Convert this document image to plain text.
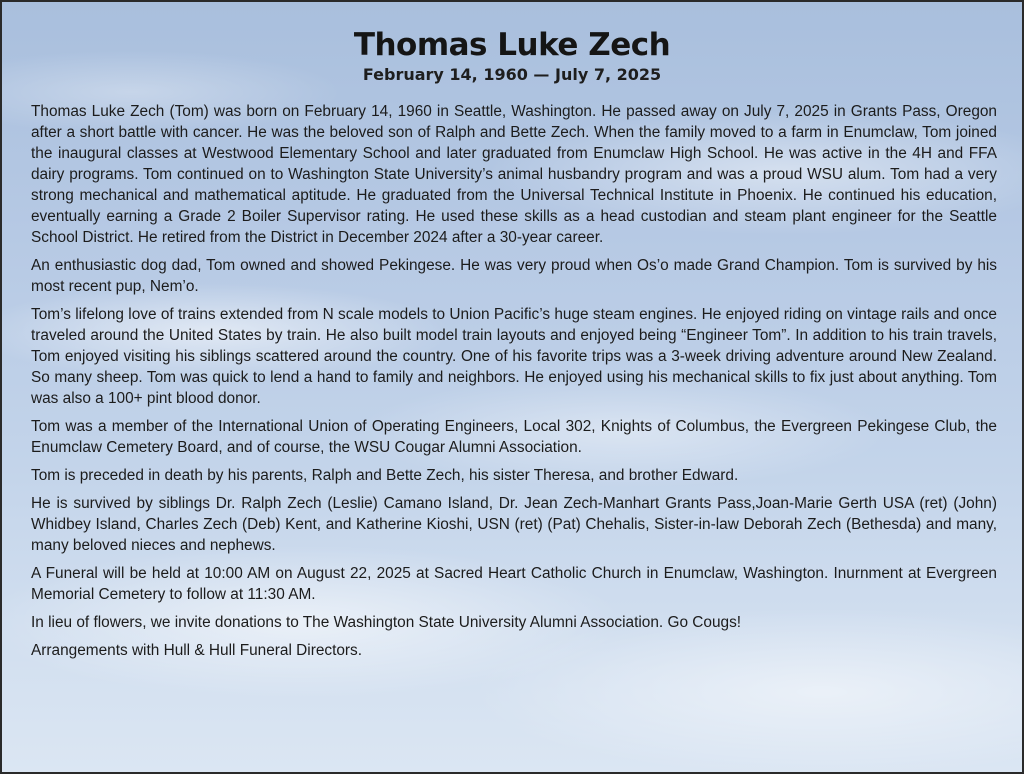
Thomas Luke Zech
February 14, 1960 — July 7, 2025

Thomas Luke Zech (Tom) was born on February 14, 1960 in Seattle, Washington. He passed away on July 7, 2025 in Grants Pass, Oregon after a short battle with cancer. He was the beloved son of Ralph and Bette Zech. When the family moved to a farm in Enumclaw, Tom joined the inaugural classes at Westwood Elementary School and later graduated from Enumclaw High School. He was active in the 4H and FFA dairy programs. Tom continued on to Washington State University’s animal husbandry program and was a proud WSU alum. Tom had a very strong mechanical and mathematical aptitude. He graduated from the Universal Technical Institute in Phoenix. He continued his education, eventually earning a Grade 2 Boiler Supervisor rating. He used these skills as a head custodian and steam plant engineer for the Seattle School District. He retired from the District in December 2024 after a 30-year career.

An enthusiastic dog dad, Tom owned and showed Pekingese. He was very proud when Os’o made Grand Champion. Tom is survived by his most recent pup, Nem’o.

Tom’s lifelong love of trains extended from N scale models to Union Pacific’s huge steam engines. He enjoyed riding on vintage rails and once traveled around the United States by train. He also built model train layouts and enjoyed being “Engineer Tom”. In addition to his train travels, Tom enjoyed visiting his siblings scattered around the country. One of his favorite trips was a 3-week driving adventure around New Zealand. So many sheep. Tom was quick to lend a hand to family and neighbors. He enjoyed using his mechanical skills to fix just about anything. Tom was also a 100+ pint blood donor.

Tom was a member of the International Union of Operating Engineers, Local 302, Knights of Columbus, the Evergreen Pekingese Club, the Enumclaw Cemetery Board, and of course, the WSU Cougar Alumni Association.

Tom is preceded in death by his parents, Ralph and Bette Zech, his sister Theresa, and brother Edward.

He is survived by siblings Dr. Ralph Zech (Leslie) Camano Island, Dr. Jean Zech-Manhart Grants Pass,Joan-Marie Gerth USA (ret) (John) Whidbey Island, Charles Zech (Deb) Kent, and Katherine Kioshi, USN (ret) (Pat) Chehalis, Sister-in-law Deborah Zech (Bethesda) and many, many beloved nieces and nephews.

A Funeral will be held at 10:00 AM on August 22, 2025 at Sacred Heart Catholic Church in Enumclaw, Washington. Inurnment at Evergreen Memorial Cemetery to follow at 11:30 AM.

In lieu of flowers, we invite donations to The Washington State University Alumni Association. Go Cougs!

Arrangements with Hull & Hull Funeral Directors.
